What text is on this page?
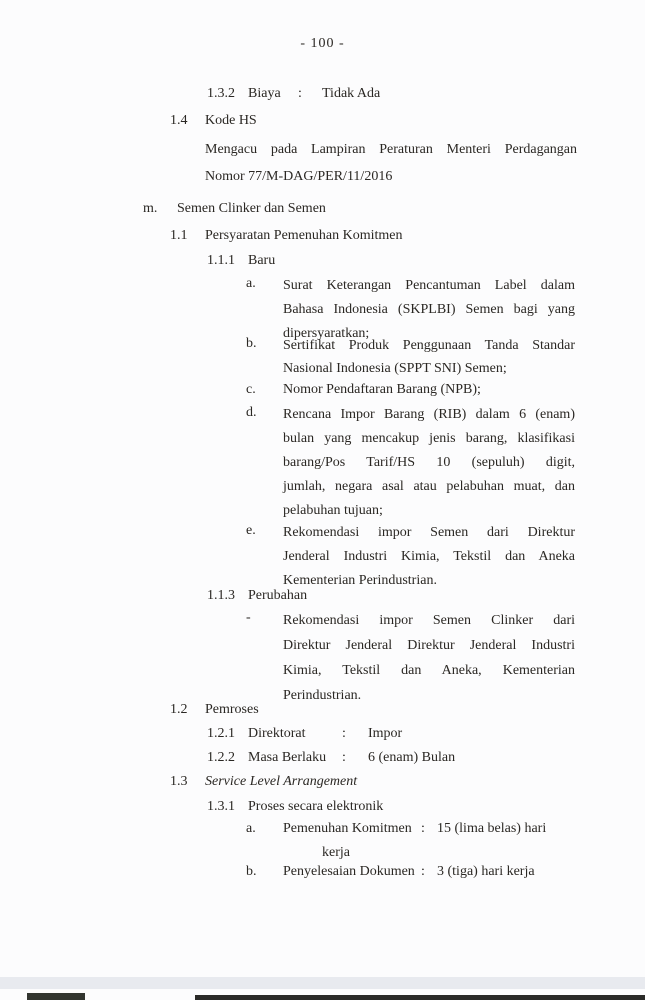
- 100 -
1.3.2 Biaya	:	Tidak Ada
1.4	Kode HS
Mengacu pada Lampiran Peraturan Menteri Perdagangan
Nomor 77/M-DAG/PER/11/2016
m.	Semen Clinker dan Semen
1.1	Persyaratan Pemenuhan Komitmen
1.1.1 Baru
a.	Surat Keterangan Pencantuman Label dalam
Bahasa Indonesia (SKPLBI) Semen bagi yang
dipersyaratkan;
b.	Sertifikat Produk Penggunaan Tanda Standar
Nasional Indonesia (SPPT SNI) Semen;
c.	Nomor Pendaftaran Barang (NPB);
d.	Rencana Impor Barang (RIB) dalam 6 (enam)
bulan yang mencakup jenis barang, klasifikasi
barang/Pos Tarif/HS 10 (sepuluh) digit,
jumlah, negara asal atau pelabuhan muat, dan
pelabuhan tujuan;
e.	Rekomendasi impor Semen dari Direktur
Jenderal Industri Kimia, Tekstil dan Aneka
Kementerian Perindustrian.
1.1.3 Perubahan
-	Rekomendasi impor Semen Clinker dari
Direktur Jenderal Direktur Jenderal Industri
Kimia, Tekstil dan Aneka, Kementerian
Perindustrian.
1.2	Pemroses
1.2.1 Direktorat	:	Impor
1.2.2 Masa Berlaku	:	6 (enam) Bulan
1.3	Service Level Arrangement
1.3.1 Proses secara elektronik
a.	Pemenuhan Komitmen : 15 (lima belas) hari
kerja
b.	Penyelesaian Dokumen : 3 (tiga) hari kerja
